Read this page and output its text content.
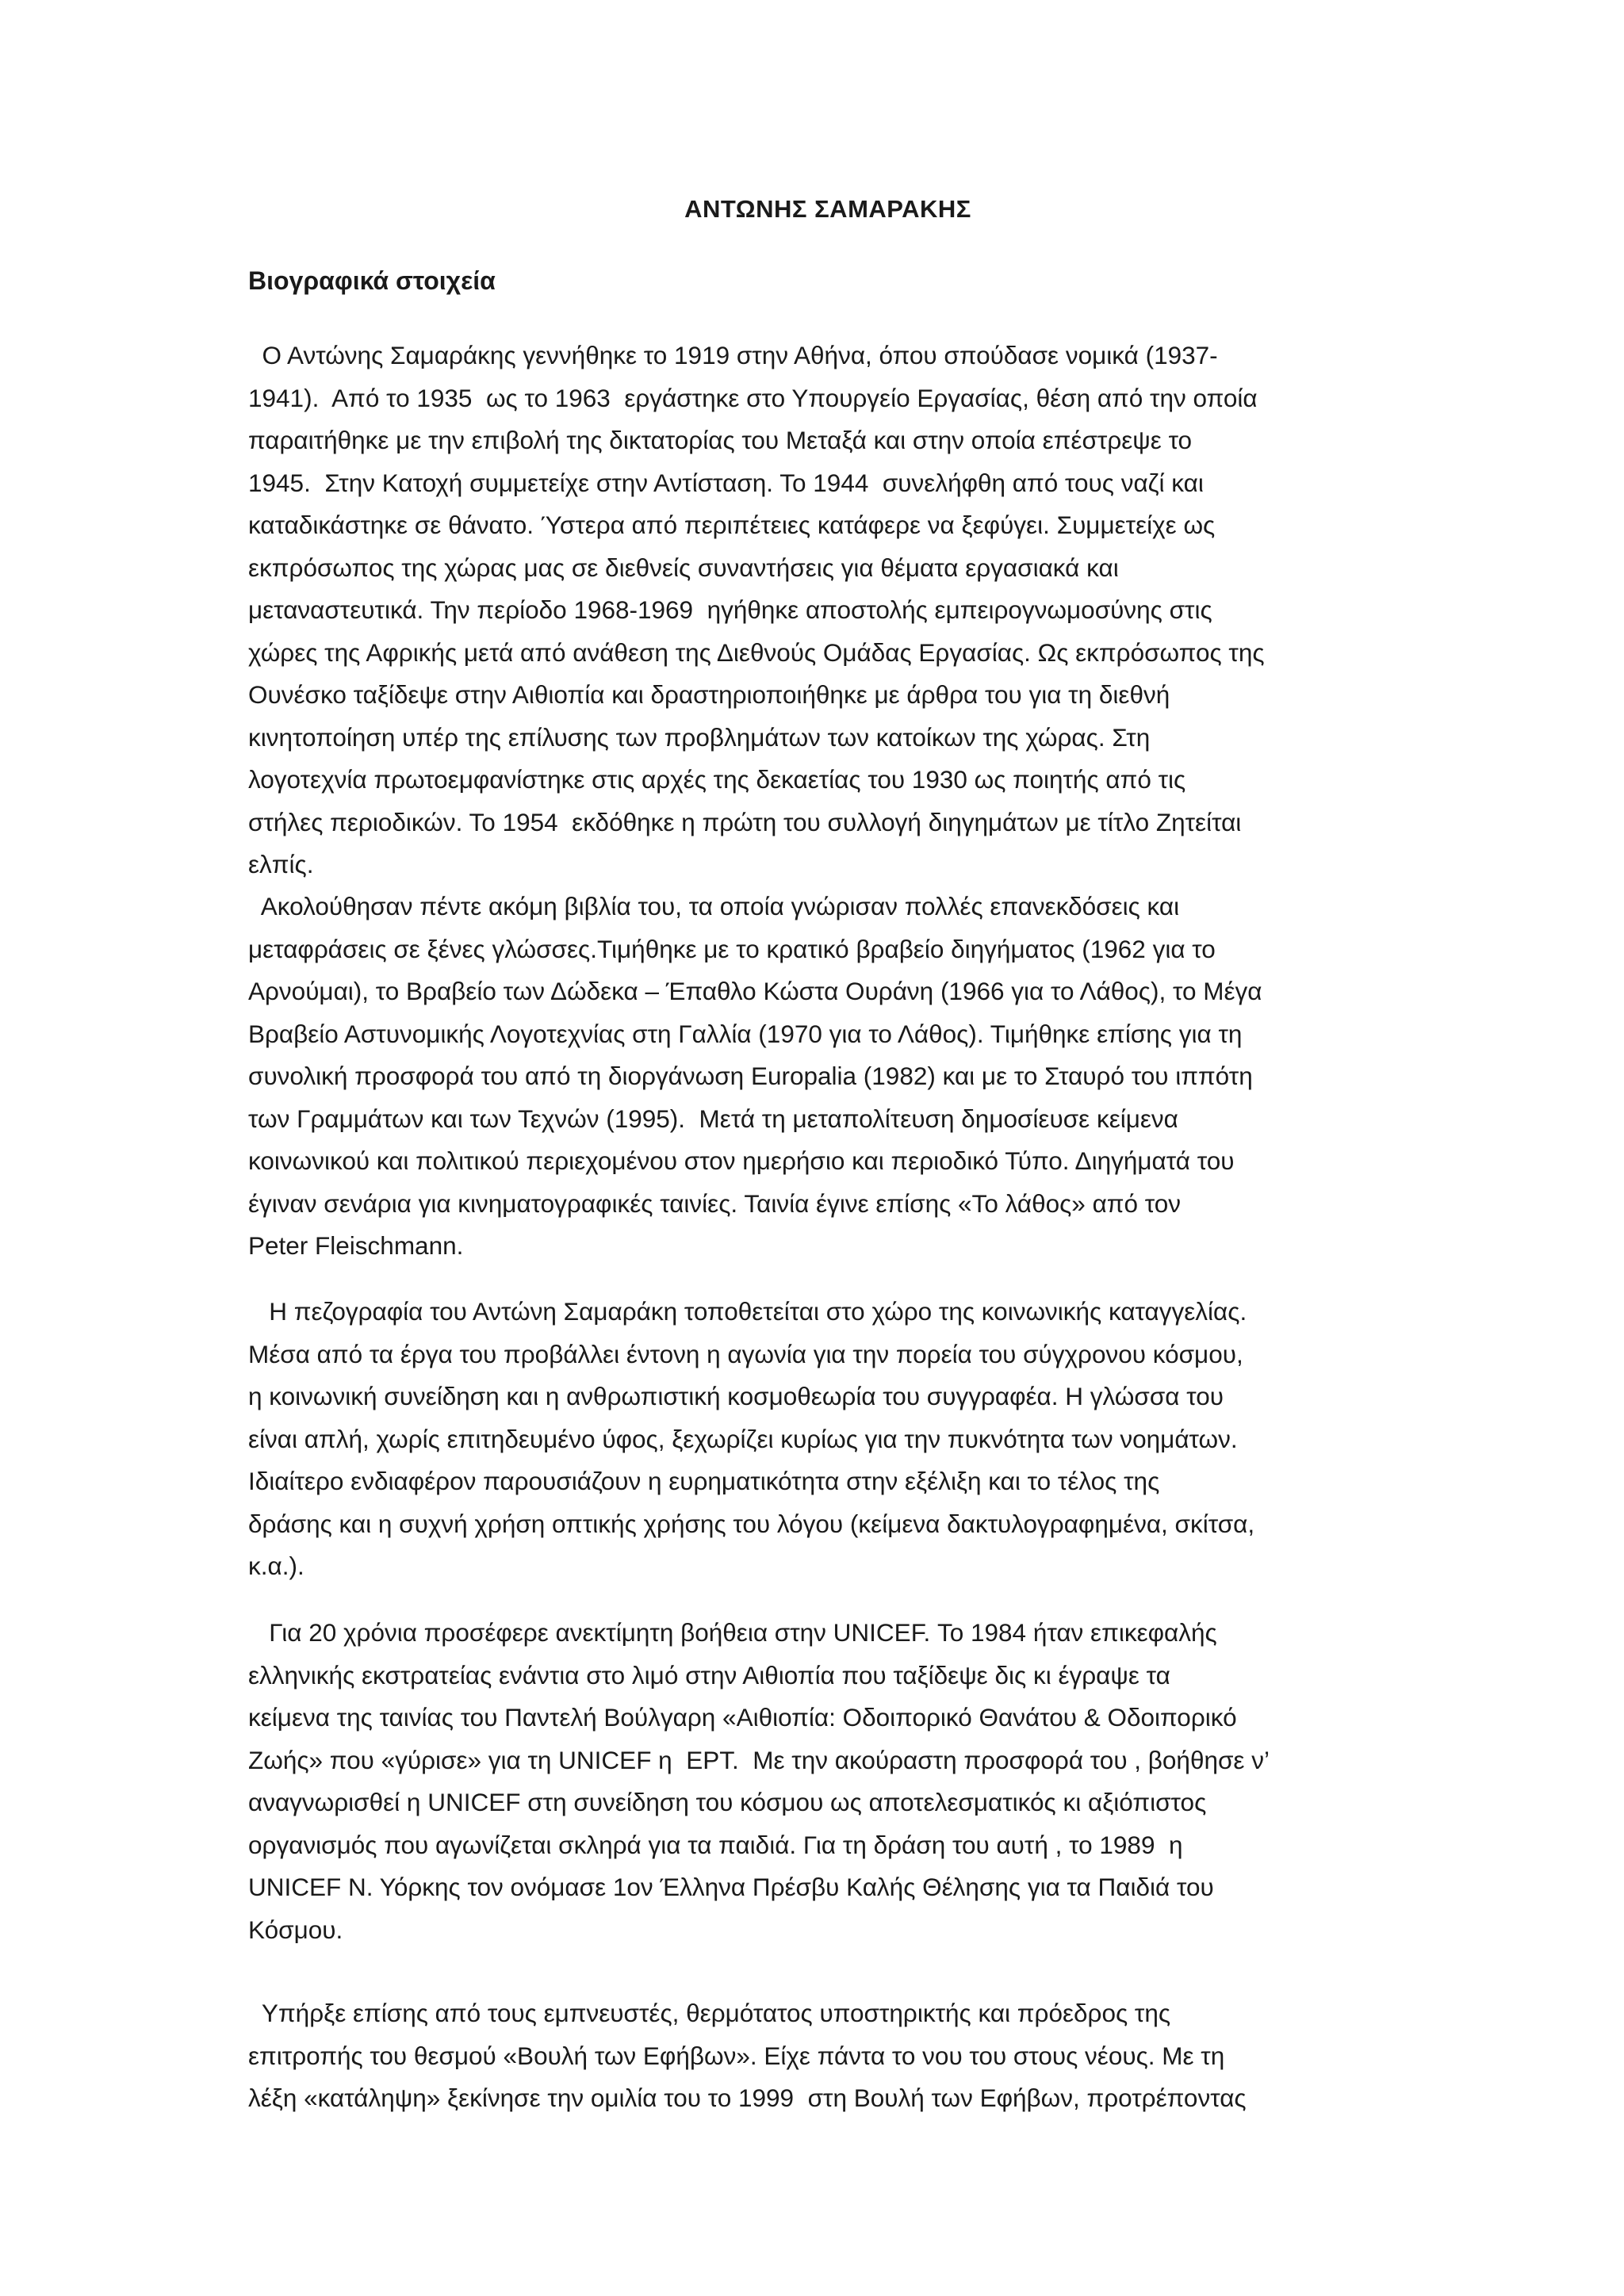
ΑΝΤΩΝΗΣ ΣΑΜΑΡΑΚΗΣ
Βιογραφικά στοιχεία
Ο Αντώνης Σαμαράκης γεννήθηκε το 1919 στην Αθήνα, όπου σπούδασε νομικά (1937-
1941).  Από το 1935  ως το 1963  εργάστηκε στο Υπουργείο Εργασίας, θέση από την οποία
παραιτήθηκε με την επιβολή της δικτατορίας του Μεταξά και στην οποία επέστρεψε το
1945.  Στην Κατοχή συμμετείχε στην Αντίσταση. Το 1944  συνελήφθη από τους ναζί και
καταδικάστηκε σε θάνατο. Ύστερα από περιπέτειες κατάφερε να ξεφύγει. Συμμετείχε ως
εκπρόσωπος της χώρας μας σε διεθνείς συναντήσεις για θέματα εργασιακά και
μεταναστευτικά. Την περίοδο 1968-1969  ηγήθηκε αποστολής εμπειρογνωμοσύνης στις
χώρες της Αφρικής μετά από ανάθεση της Διεθνούς Ομάδας Εργασίας. Ως εκπρόσωπος της
Ουνέσκο ταξίδεψε στην Αιθιοπία και δραστηριοποιήθηκε με άρθρα του για τη διεθνή
κινητοποίηση υπέρ της επίλυσης των προβλημάτων των κατοίκων της χώρας. Στη
λογοτεχνία πρωτοεμφανίστηκε στις αρχές της δεκαετίας του 1930 ως ποιητής από τις
στήλες περιοδικών. Το 1954  εκδόθηκε η πρώτη του συλλογή διηγημάτων με τίτλο Ζητείται
ελπίς.
Ακολούθησαν πέντε ακόμη βιβλία του, τα οποία γνώρισαν πολλές επανεκδόσεις και
μεταφράσεις σε ξένες γλώσσες.Τιμήθηκε με το κρατικό βραβείο διηγήματος (1962 για το
Αρνούμαι), το Βραβείο των Δώδεκα – Έπαθλο Κώστα Ουράνη (1966 για το Λάθος), το Μέγα
Βραβείο Αστυνομικής Λογοτεχνίας στη Γαλλία (1970 για το Λάθος). Τιμήθηκε επίσης για τη
συνολική προσφορά του από τη διοργάνωση Europalia (1982) και με το Σταυρό του ιππότη
των Γραμμάτων και των Τεχνών (1995).  Μετά τη μεταπολίτευση δημοσίευσε κείμενα
κοινωνικού και πολιτικού περιεχομένου στον ημερήσιο και περιοδικό Τύπο. Διηγήματά του
έγιναν σενάρια για κινηματογραφικές ταινίες. Ταινία έγινε επίσης «Το λάθος» από τον
Peter Fleischmann.
Η πεζογραφία του Αντώνη Σαμαράκη τοποθετείται στο χώρο της κοινωνικής καταγγελίας.
Μέσα από τα έργα του προβάλλει έντονη η αγωνία για την πορεία του σύγχρονου κόσμου,
η κοινωνική συνείδηση και η ανθρωπιστική κοσμοθεωρία του συγγραφέα. Η γλώσσα του
είναι απλή, χωρίς επιτηδευμένο ύφος, ξεχωρίζει κυρίως για την πυκνότητα των νοημάτων.
Ιδιαίτερο ενδιαφέρον παρουσιάζουν η ευρηματικότητα στην εξέλιξη και το τέλος της
δράσης και η συχνή χρήση οπτικής χρήσης του λόγου (κείμενα δακτυλογραφημένα, σκίτσα,
κ.α.).
Για 20 χρόνια προσέφερε ανεκτίμητη βοήθεια στην UNICEF. Το 1984 ήταν επικεφαλής
ελληνικής εκστρατείας ενάντια στο λιμό στην Αιθιοπία που ταξίδεψε δις κι έγραψε τα
κείμενα της ταινίας του Παντελή Βούλγαρη «Αιθιοπία: Οδοιπορικό Θανάτου & Οδοιπορικό
Ζωής» που «γύρισε» για τη UNICEF η  ΕΡΤ.  Με την ακούραστη προσφορά του , βοήθησε ν’
αναγνωρισθεί η UNICEF στη συνείδηση του κόσμου ως αποτελεσματικός κι αξιόπιστος
οργανισμός που αγωνίζεται σκληρά για τα παιδιά. Για τη δράση του αυτή , το 1989  η
UNICEF Ν. Υόρκης τον ονόμασε 1ον Έλληνα Πρέσβυ Καλής Θέλησης για τα Παιδιά του
Κόσμου.
Υπήρξε επίσης από τους εμπνευστές, θερμότατος υποστηρικτής και πρόεδρος της
επιτροπής του θεσμού «Βουλή των Εφήβων». Είχε πάντα το νου του στους νέους. Με τη
λέξη «κατάληψη» ξεκίνησε την ομιλία του το 1999  στη Βουλή των Εφήβων, προτρέποντας
